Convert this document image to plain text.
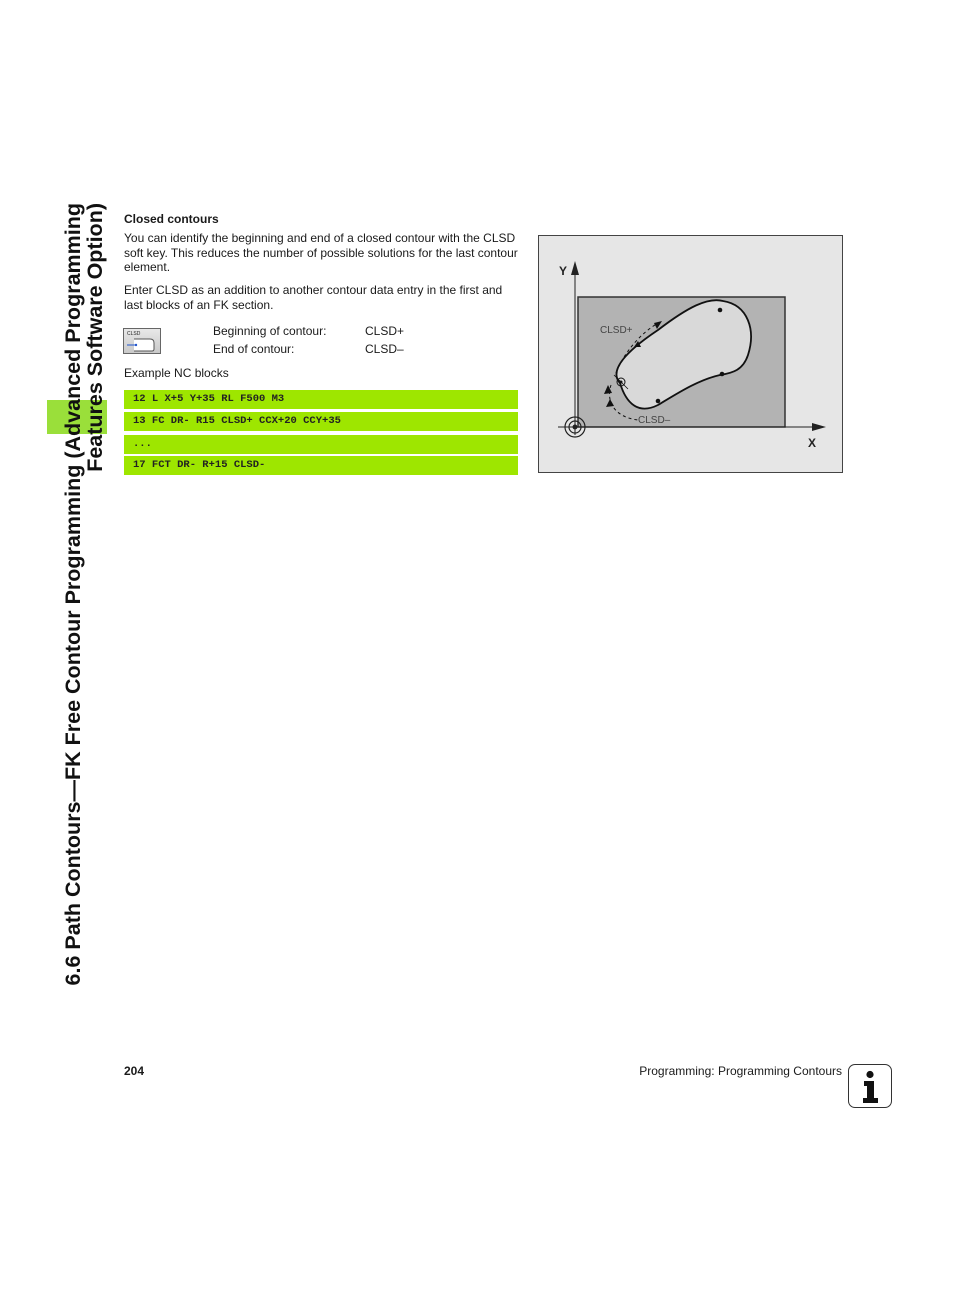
6.6 Path Contours—FK Free Contour Programming (Advanced Programming
Features Software Option) Closed contours
You can identify the beginning and end of a closed contour with the CLSD soft key. This reduces the number of possible solutions for the last contour element.
Enter CLSD as an addition to another contour data entry in the first and last blocks of an FK section.
CLSD	Beginning of contour:	CLSD+
End of contour:	CLSD–
Example NC blocks
12 L X+5 Y+35 RL F500 M3
13 FC DR- R15 CLSD+ CCX+20 CCY+35
...
17 FCT DR- R+15 CLSD-
Y
X
CLSD+
CLSD–
204	Programming: Programming Contours
